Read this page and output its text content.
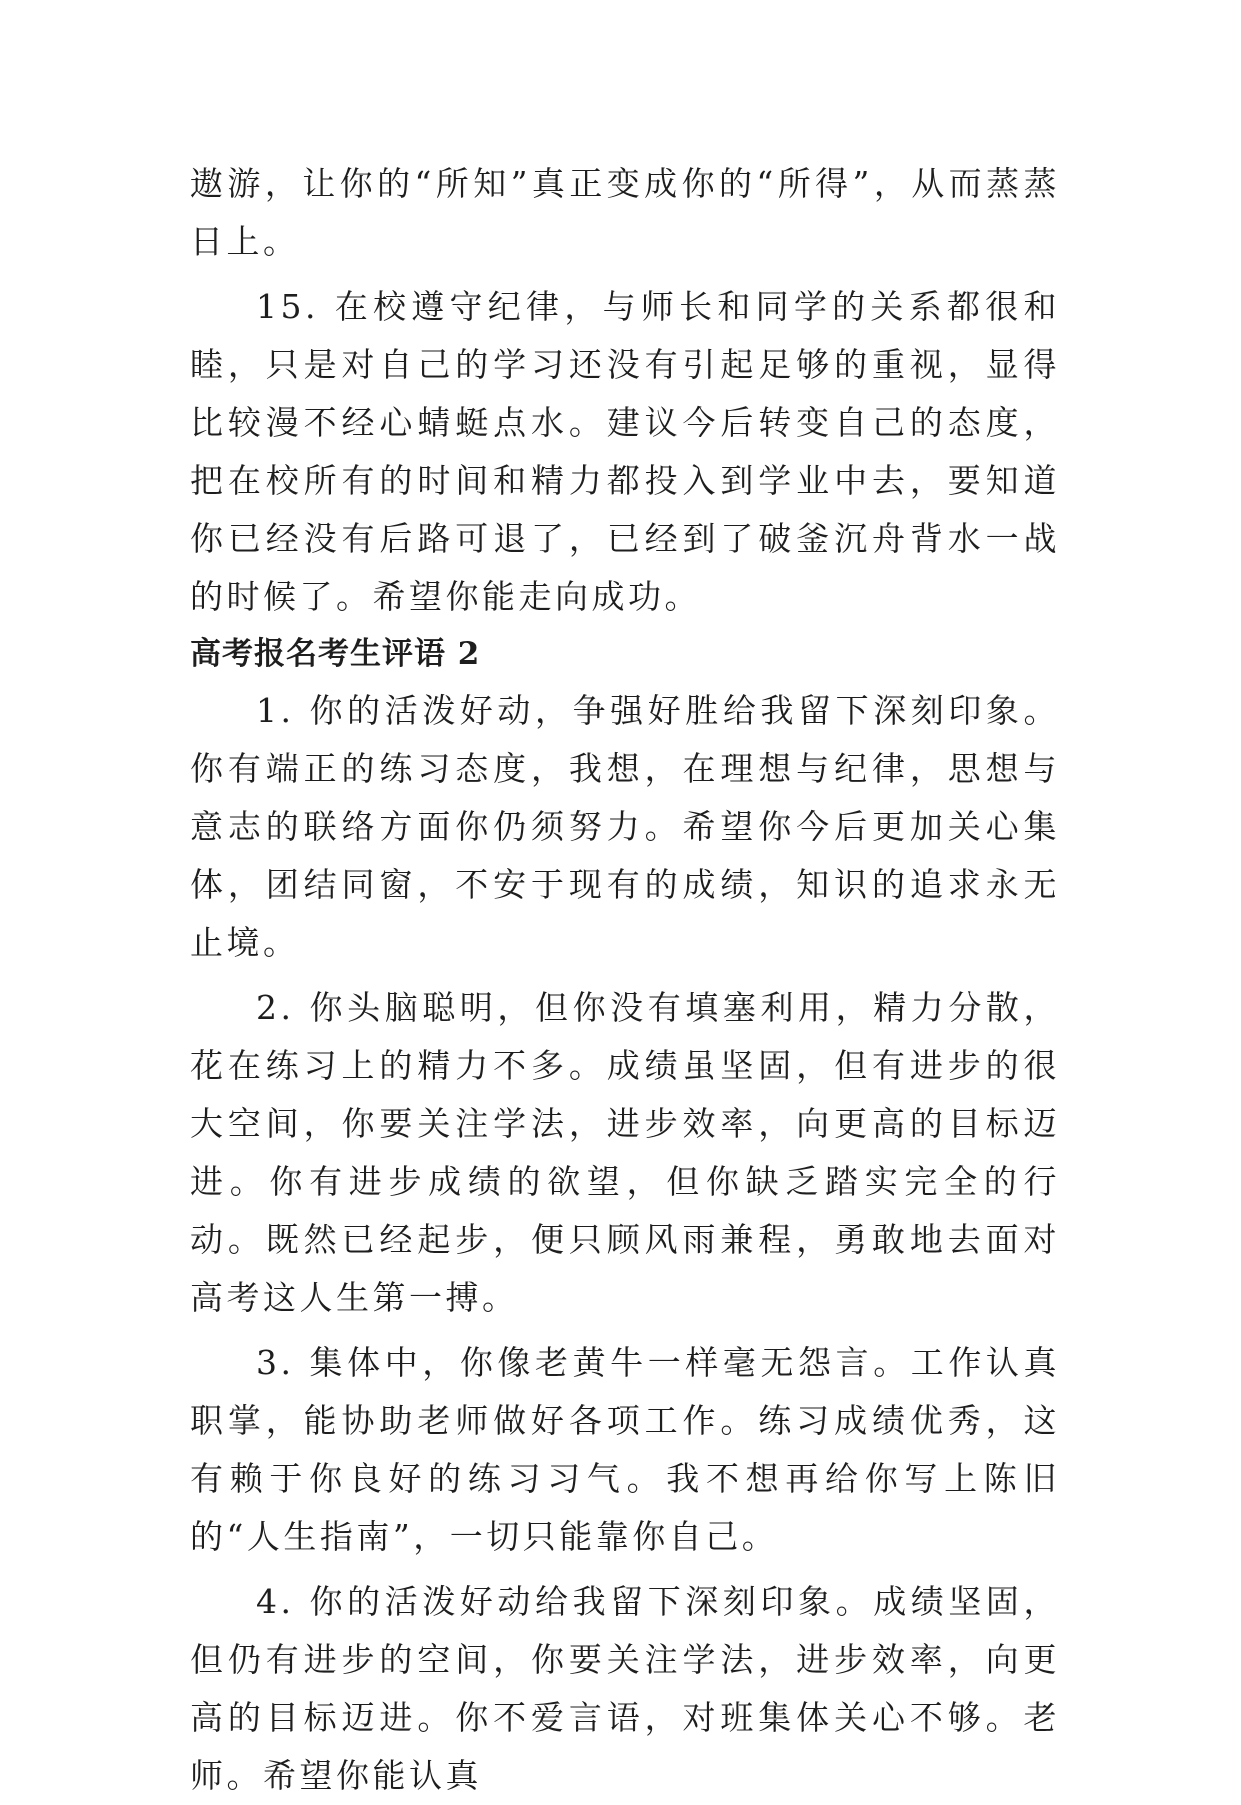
遨游，让你的“所知”真正变成你的“所得”，从而蒸蒸日上。

15. 在校遵守纪律，与师长和同学的关系都很和睦，只是对自己的学习还没有引起足够的重视，显得比较漫不经心蜻蜓点水。建议今后转变自己的态度，把在校所有的时间和精力都投入到学业中去，要知道你已经没有后路可退了，已经到了破釜沉舟背水一战的时候了。希望你能走向成功。

高考报名考生评语 2

1. 你的活泼好动，争强好胜给我留下深刻印象。你有端正的练习态度，我想，在理想与纪律，思想与意志的联络方面你仍须努力。希望你今后更加关心集体，团结同窗，不安于现有的成绩，知识的追求永无止境。

2. 你头脑聪明，但你没有填塞利用，精力分散，花在练习上的精力不多。成绩虽坚固，但有进步的很大空间，你要关注学法，进步效率，向更高的目标迈进。你有进步成绩的欲望，但你缺乏踏实完全的行动。既然已经起步，便只顾风雨兼程，勇敢地去面对高考这人生第一搏。

3. 集体中，你像老黄牛一样毫无怨言。工作认真职掌，能协助老师做好各项工作。练习成绩优秀，这有赖于你良好的练习习气。我不想再给你写上陈旧的“人生指南”，一切只能靠你自己。

4. 你的活泼好动给我留下深刻印象。成绩坚固，但仍有进步的空间，你要关注学法，进步效率，向更高的目标迈进。你不爱言语，对班集体关心不够。老师。希望你能认真
